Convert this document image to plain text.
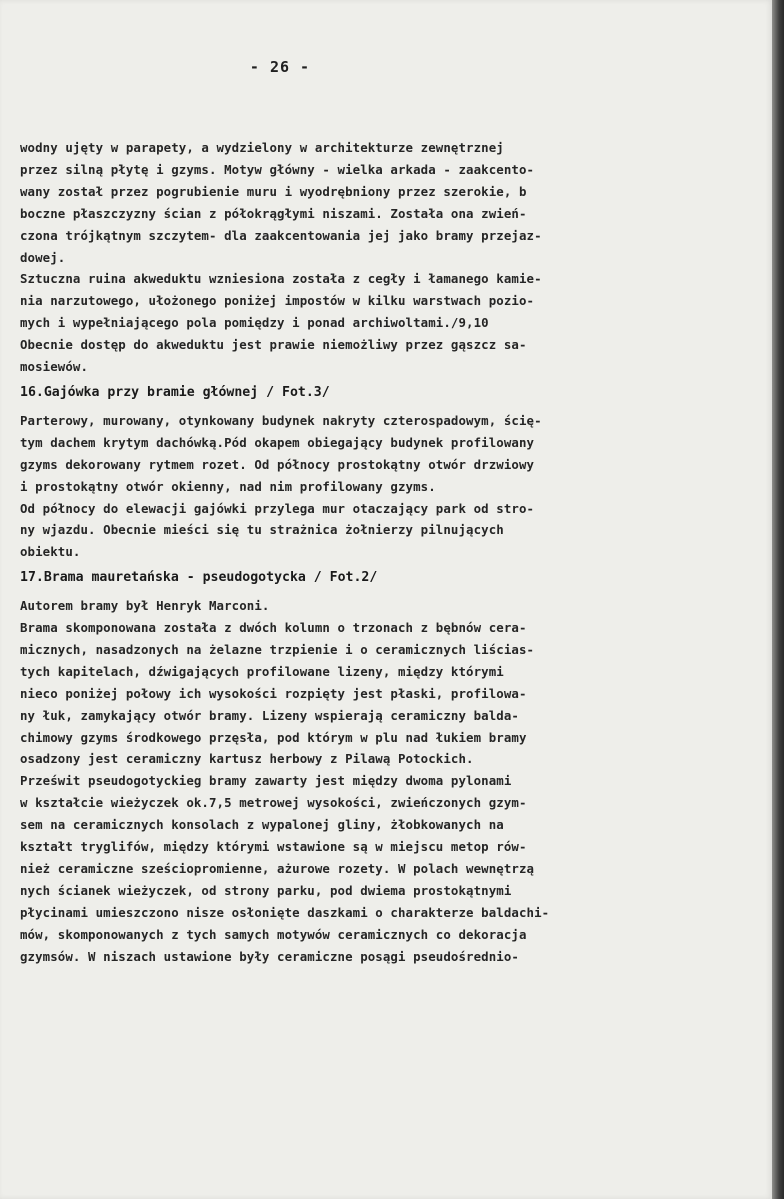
- 26 -
wodny ujęty w parapety, a wydzielony w architekturze zewnętrznej
przez silną płytę i gzyms. Motyw główny - wielka arkada - zaakcento-
wany został przez pogrubienie muru i wyodrębniony przez szerokie, b
boczne płaszczyzny ścian z półokrągłymi niszami. Została ona zwień-
czona trójkątnym szczytem- dla zaakcentowania jej jako bramy przejaz-
dowej.
Sztuczna ruina akweduktu wzniesiona została z cegły i łamanego kamie-
nia narzutowego, ułożonego poniżej impostów w kilku warstwach pozio-
mych i wypełniającego pola pomiędzy i ponad archiwoltami./9,10
Obecnie dostęp do akweduktu jest prawie niemożliwy przez gąszcz sa-
mosiewów.
16.Gajówka przy bramie głównej / Fot.3/
Parterowy, murowany, otynkowany budynek nakryty czterospadowym, ścię-
tym dachem krytym dachówką.Pód okapem obiegający budynek profilowany
gzyms dekorowany rytmem rozet. Od północy prostokątny otwór drzwiowy
i prostokątny otwór okienny, nad nim profilowany gzyms.
Od północy do elewacji gajówki przylega mur otaczający park od stro-
ny wjazdu. Obecnie mieści się tu strażnica żołnierzy pilnujących
obiektu.
17.Brama mauretańska - pseudogotycka / Fot.2/
Autorem bramy był Henryk Marconi.
Brama skomponowana została z dwóch kolumn o trzonach z bębnów cera-
micznych, nasadzonych na żelazne trzpienie i o ceramicznych liścias-
tych kapitelach, dźwigających profilowane lizeny, między którymi
nieco poniżej połowy ich wysokości rozpięty jest płaski, profilowa-
ny łuk, zamykający otwór bramy. Lizeny wspierają ceramiczny balda-
chimowy gzyms środkowego przęsła, pod którym w plu nad łukiem bramy
osadzony jest ceramiczny kartusz herbowy z Pilawą Potockich.
Prześwit pseudogotyckieg bramy zawarty jest między dwoma pylonami
w kształcie wieżyczek ok.7,5 metrowej wysokości, zwieńczonych gzym-
sem na ceramicznych konsolach z wypalonej gliny, żłobkowanych na
kształt tryglifów, między którymi wstawione są w miejscu metop rów-
nież ceramiczne sześciopromienne, ażurowe rozety. W polach wewnętrzą
nych ścianek wieżyczek, od strony parku, pod dwiema prostokątnymi
płycinami umieszczono nisze osłonięte daszkami o charakterze baldachi-
mów, skomponowanych z tych samych motywów ceramicznych co dekoracja
gzymsów. W niszach ustawione były ceramiczne posągi pseudośrednio-
